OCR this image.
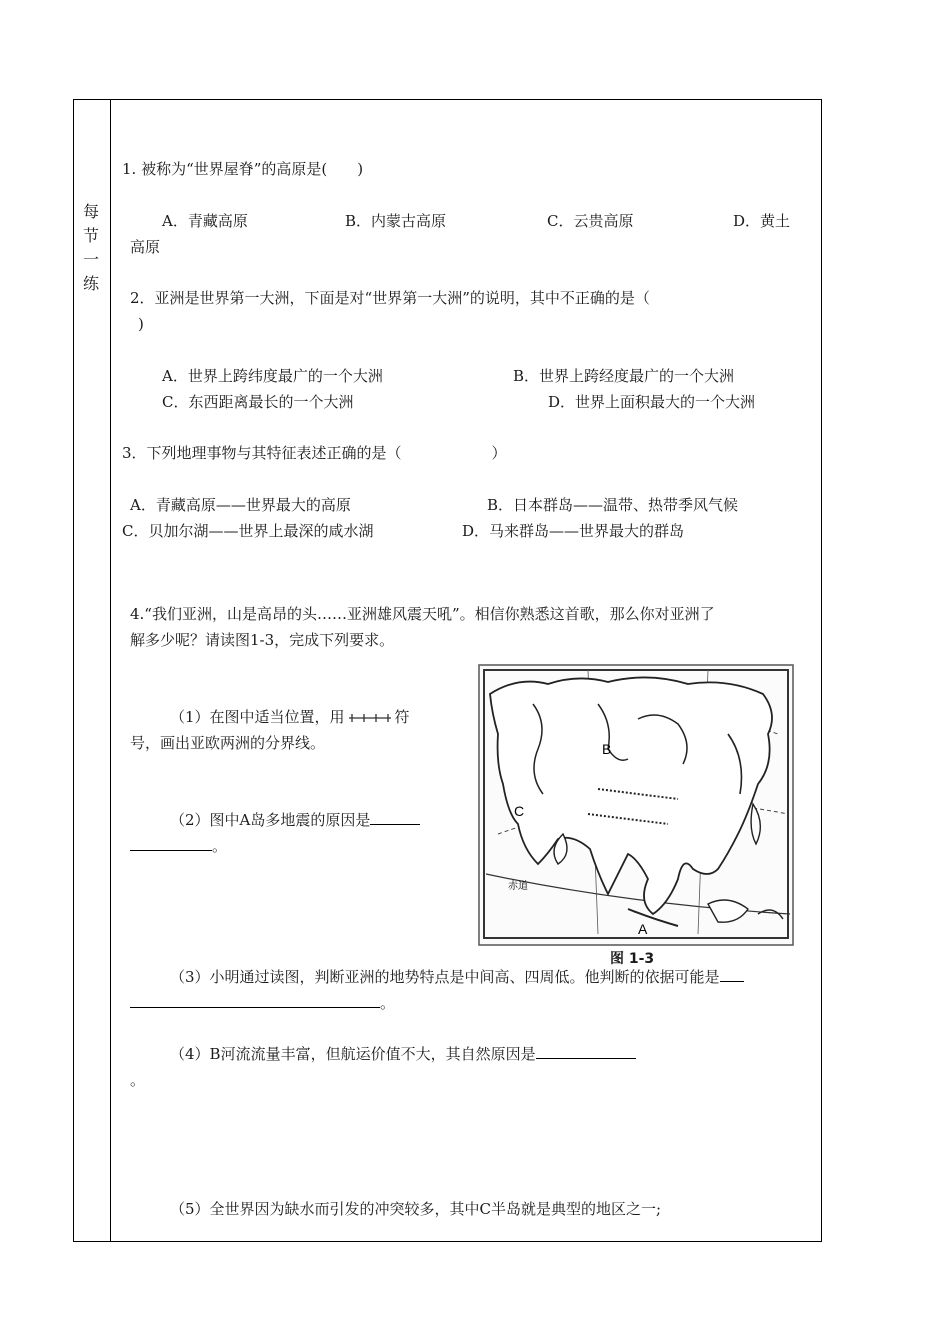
每
节
一
练
1. 被称为“世界屋脊”的高原是(　　)
A．青藏高原	B．内蒙古高原	C．云贵高原	D．黄土
高原
2．亚洲是世界第一大洲，下面是对“世界第一大洲”的说明，其中不正确的是（
)
A．世界上跨纬度最广的一个大洲	B．世界上跨经度最广的一个大洲
C．东西距离最长的一个大洲	D．世界上面积最大的一个大洲
3．下列地理事物与其特征表述正确的是（　　　　　　）
A．青藏高原——世界最大的高原	B．日本群岛——温带、热带季风气候
C．贝加尔湖——世界上最深的咸水湖	D．马来群岛——世界最大的群岛
4.“我们亚洲，山是高昂的头……亚洲雄风震天吼”。相信你熟悉这首歌，那么你对亚洲了
解多少呢？请读图1-3，完成下列要求。
（1）在图中适当位置，用	符
号，画出亚欧两洲的分界线。
（2）图中A岛多地震的原因是
。
（3）小明通过读图，判断亚洲的地势特点是中间高、四周低。他判断的依据可能是
。
（4）B河流流量丰富，但航运价值不大，其自然原因是
。
（5）全世界因为缺水而引发的冲突较多，其中C半岛就是典型的地区之一;
B
C
A
赤道
图 1-3
